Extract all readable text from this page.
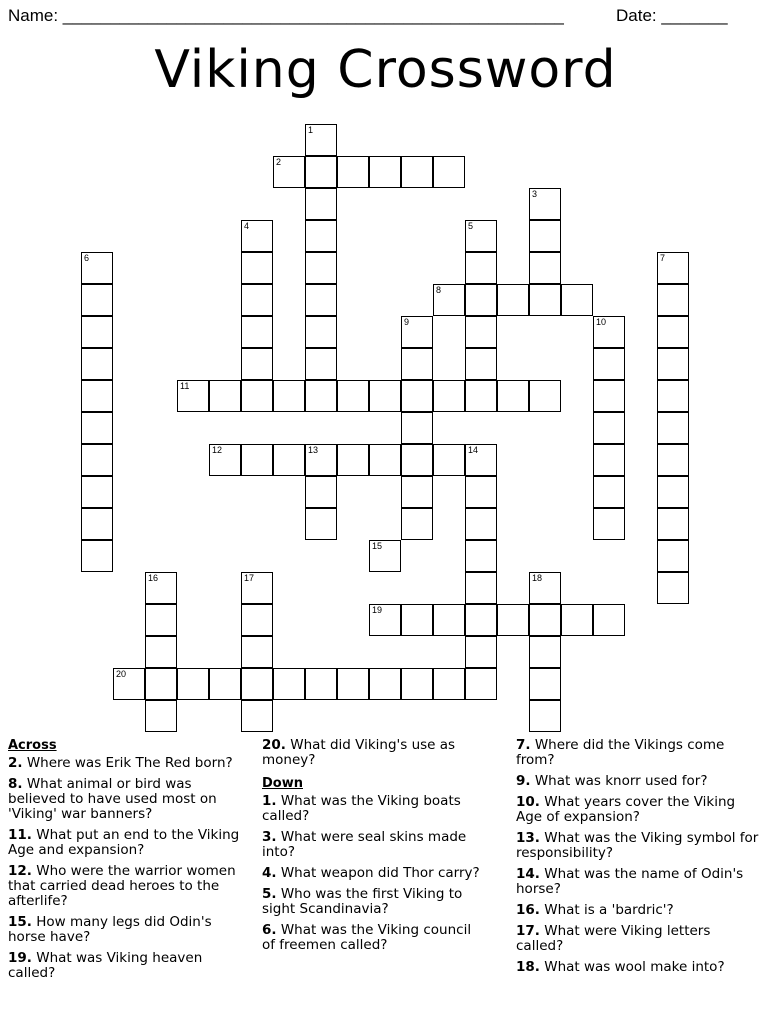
Name: _____________________________________________________	Date: _______
Viking Crossword
2
8
11
12	13	14
19
20
1
3
4	5
6	7
9	10
15
16	17	18
Across
2. Where was Erik The Red born?
8. What animal or bird was believed to have used most on 'Viking' war banners?
11. What put an end to the Viking Age and expansion?
12. Who were the warrior women that carried dead heroes to the afterlife?
15. How many legs did Odin's horse have?
19. What was Viking heaven called?
20. What did Viking's use as money?
Down
1. What was the Viking boats called?
3. What were seal skins made into?
4. What weapon did Thor carry?
5. Who was the first Viking to sight Scandinavia?
6. What was the Viking council of freemen called?
7. Where did the Vikings come from?
9. What was knorr used for?
10. What years cover the Viking Age of expansion?
13. What was the Viking symbol for responsibility?
14. What was the name of Odin's horse?
16. What is a 'bardric'?
17. What were Viking letters called?
18. What was wool make into?
